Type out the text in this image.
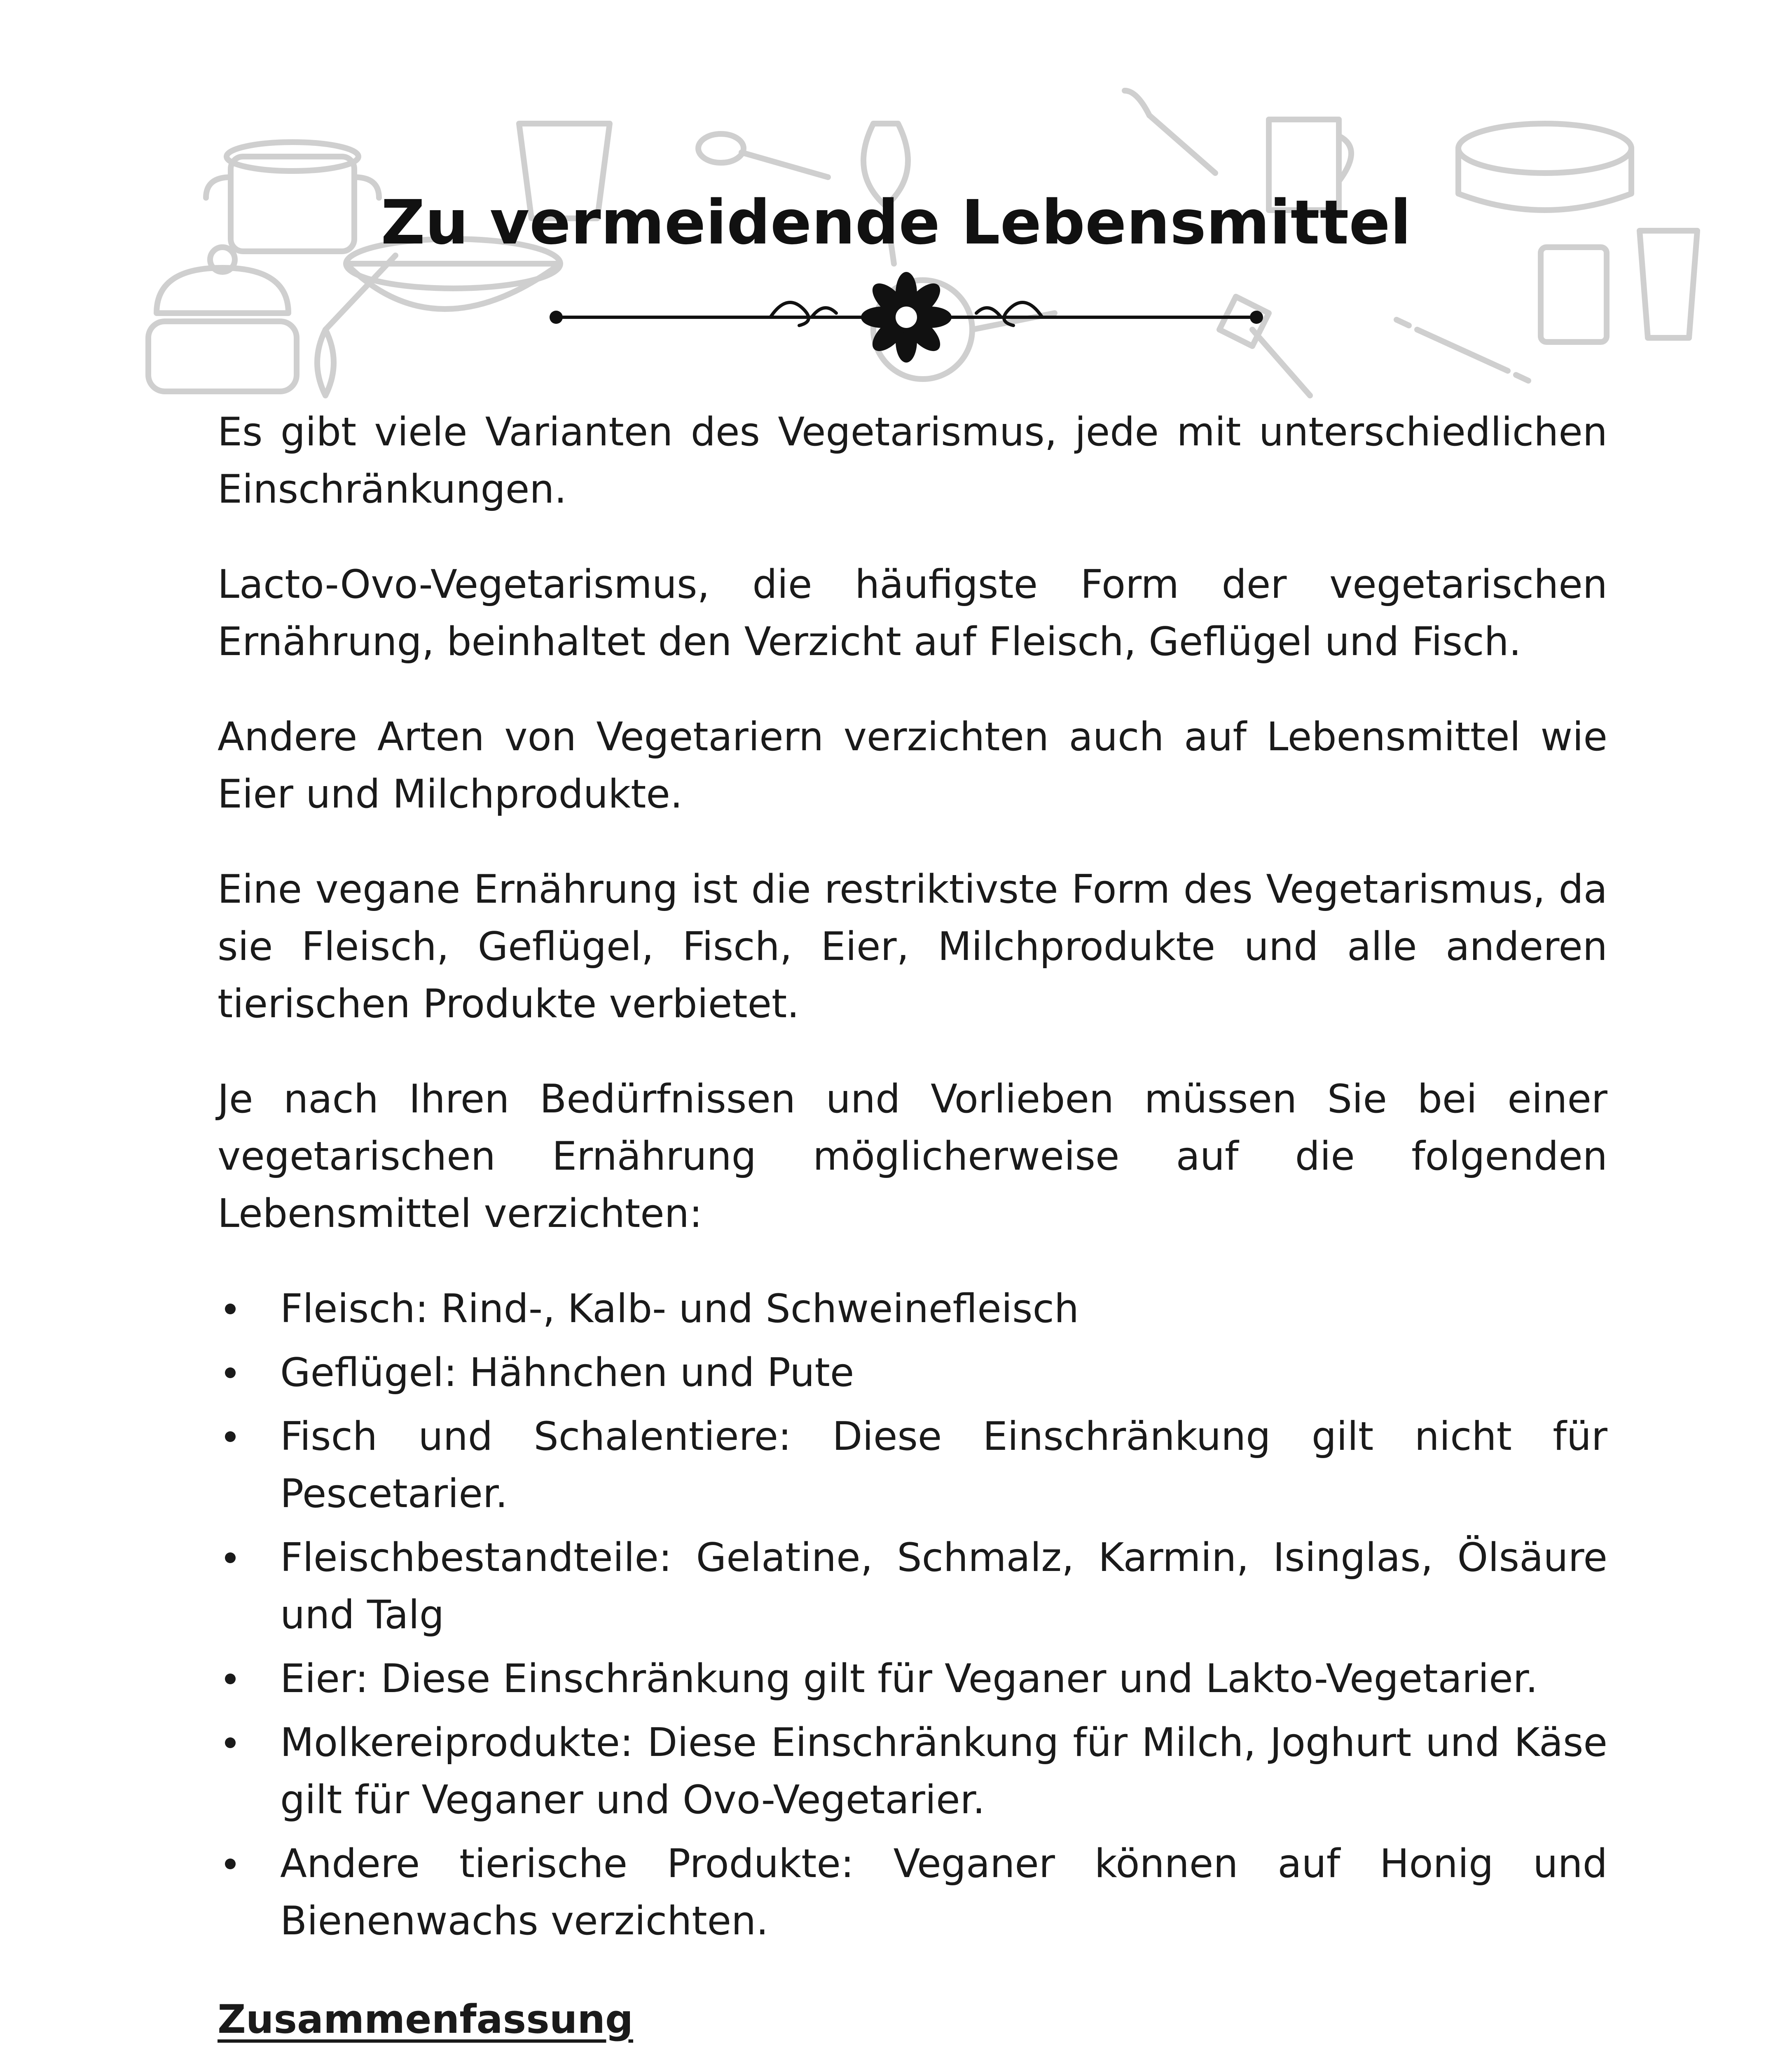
Zu vermeidende Lebensmittel

Es gibt viele Varianten des Vegetarismus, jede mit unterschiedlichen Einschränkungen.

Lacto-Ovo-Vegetarismus, die häufigste Form der vegetarischen Ernährung, beinhaltet den Verzicht auf Fleisch, Geflügel und Fisch.

Andere Arten von Vegetariern verzichten auch auf Lebensmittel wie Eier und Milchprodukte.

Eine vegane Ernährung ist die restriktivste Form des Vegetarismus, da sie Fleisch, Geflügel, Fisch, Eier, Milchprodukte und alle anderen tierischen Produkte verbietet.

Je nach Ihren Bedürfnissen und Vorlieben müssen Sie bei einer vegetarischen Ernährung möglicherweise auf die folgenden Lebensmittel verzichten:

Fleisch: Rind-, Kalb- und Schweinefleisch
Geflügel: Hähnchen und Pute
Fisch und Schalentiere: Diese Einschränkung gilt nicht für Pescetarier.
Fleischbestandteile: Gelatine, Schmalz, Karmin, Isinglas, Ölsäure und Talg
Eier: Diese Einschränkung gilt für Veganer und Lakto-Vegetarier.
Molkereiprodukte: Diese Einschränkung für Milch, Joghurt und Käse gilt für Veganer und Ovo-Vegetarier.
Andere tierische Produkte: Veganer können auf Honig und Bienenwachs verzichten.
Zusammenfassung
